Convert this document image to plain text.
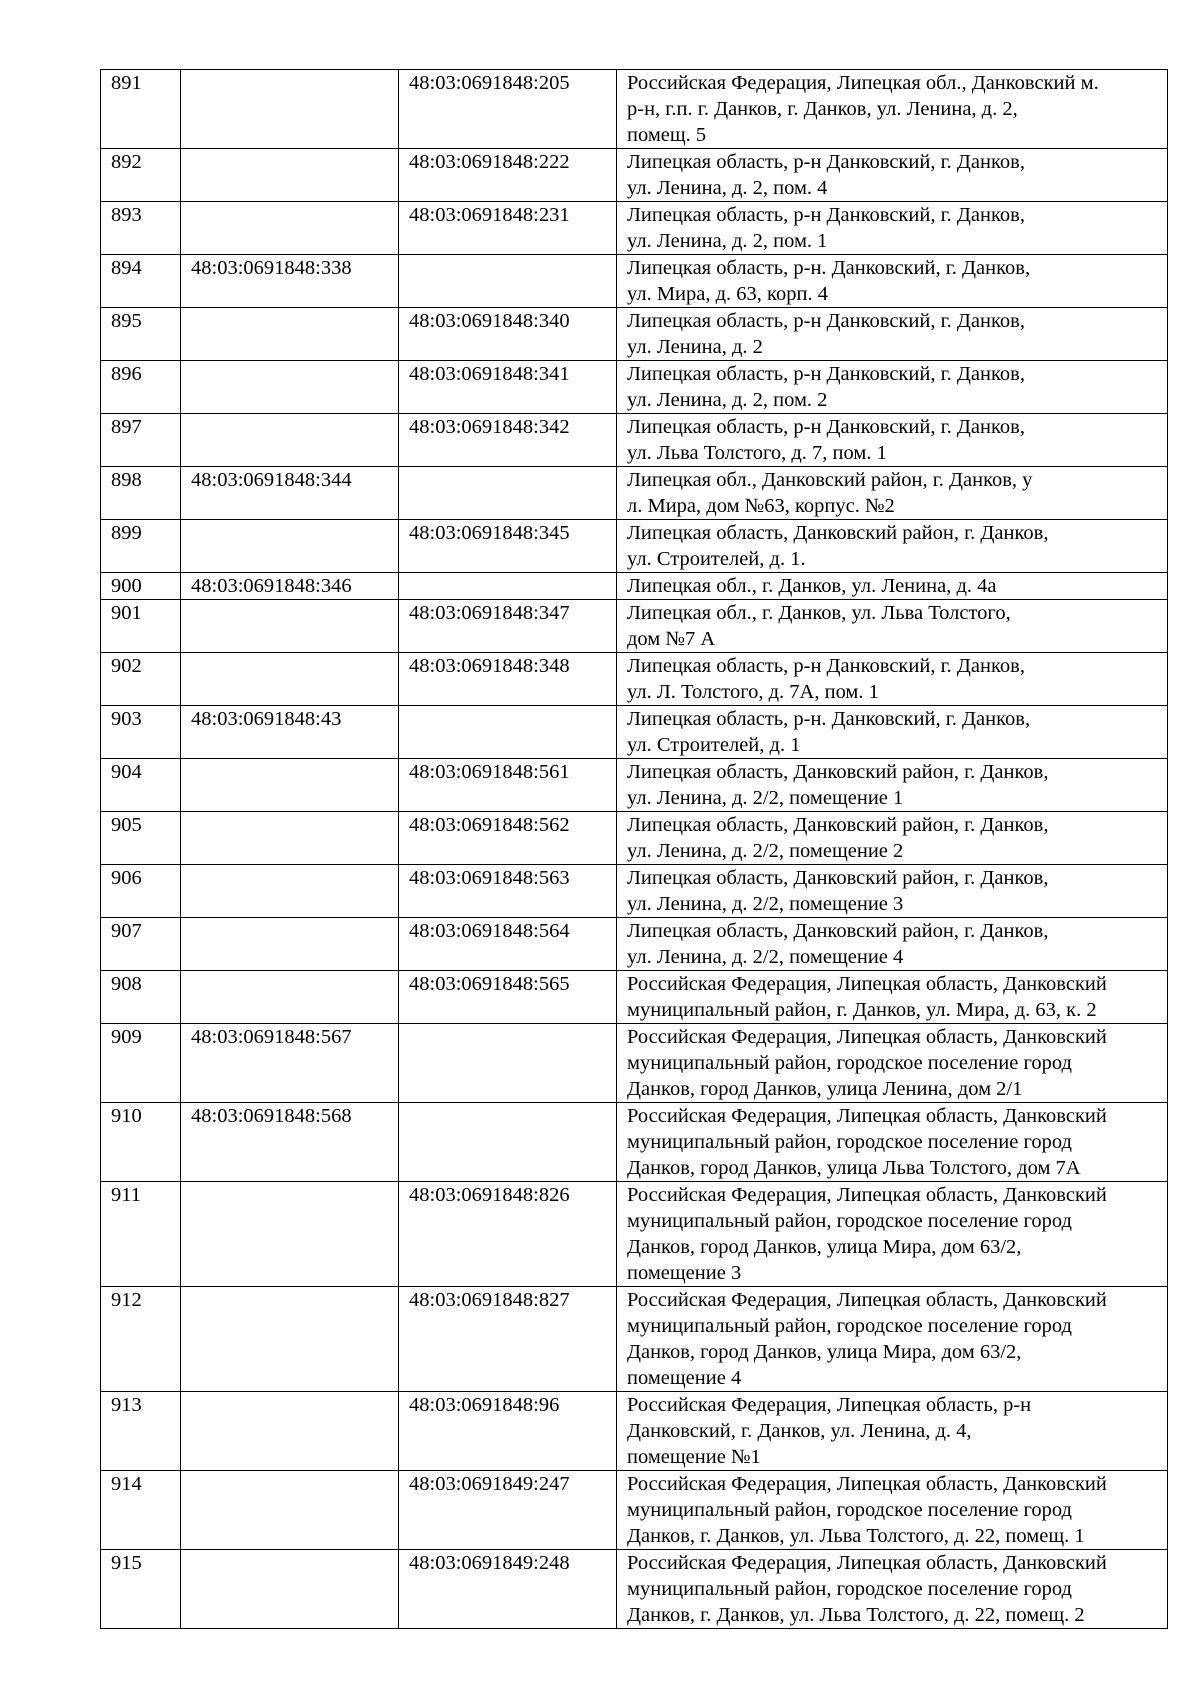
891		48:03:0691848:205	Российская Федерация, Липецкая обл., Данковский м.
р-н, г.п. г. Данков, г. Данков, ул. Ленина, д. 2,
помещ. 5
892		48:03:0691848:222	Липецкая область, р-н Данковский, г. Данков,
ул. Ленина, д. 2, пом. 4
893		48:03:0691848:231	Липецкая область, р-н Данковский, г. Данков,
ул. Ленина, д. 2, пом. 1
894	48:03:0691848:338		Липецкая область, р-н. Данковский, г. Данков,
ул. Мира, д. 63, корп. 4
895		48:03:0691848:340	Липецкая область, р-н Данковский, г. Данков,
ул. Ленина, д. 2
896		48:03:0691848:341	Липецкая область, р-н Данковский, г. Данков,
ул. Ленина, д. 2, пом. 2
897		48:03:0691848:342	Липецкая область, р-н Данковский, г. Данков,
ул. Льва Толстого, д. 7, пом. 1
898	48:03:0691848:344		Липецкая обл., Данковский район, г. Данков, у
л. Мира, дом №63, корпус. №2
899		48:03:0691848:345	Липецкая область, Данковский район, г. Данков,
ул. Строителей, д. 1.
900	48:03:0691848:346		Липецкая обл., г. Данков, ул. Ленина, д. 4а
901		48:03:0691848:347	Липецкая обл., г. Данков, ул. Льва Толстого,
дом №7 А
902		48:03:0691848:348	Липецкая область, р-н Данковский, г. Данков,
ул. Л. Толстого, д. 7А, пом. 1
903	48:03:0691848:43		Липецкая область, р-н. Данковский, г. Данков,
ул. Строителей, д. 1
904		48:03:0691848:561	Липецкая область, Данковский район, г. Данков,
ул. Ленина, д. 2/2, помещение 1
905		48:03:0691848:562	Липецкая область, Данковский район, г. Данков,
ул. Ленина, д. 2/2, помещение 2
906		48:03:0691848:563	Липецкая область, Данковский район, г. Данков,
ул. Ленина, д. 2/2, помещение 3
907		48:03:0691848:564	Липецкая область, Данковский район, г. Данков,
ул. Ленина, д. 2/2, помещение 4
908		48:03:0691848:565	Российская Федерация, Липецкая область, Данковский
муниципальный район, г. Данков, ул. Мира, д. 63, к. 2
909	48:03:0691848:567		Российская Федерация, Липецкая область, Данковский
муниципальный район, городское поселение город
Данков, город Данков, улица Ленина, дом 2/1
910	48:03:0691848:568		Российская Федерация, Липецкая область, Данковский
муниципальный район, городское поселение город
Данков, город Данков, улица Льва Толстого, дом 7А
911		48:03:0691848:826	Российская Федерация, Липецкая область, Данковский
муниципальный район, городское поселение город
Данков, город Данков, улица Мира, дом 63/2,
помещение 3
912		48:03:0691848:827	Российская Федерация, Липецкая область, Данковский
муниципальный район, городское поселение город
Данков, город Данков, улица Мира, дом 63/2,
помещение 4
913		48:03:0691848:96	Российская Федерация, Липецкая область, р-н
Данковский, г. Данков, ул. Ленина, д. 4,
помещение №1
914		48:03:0691849:247	Российская Федерация, Липецкая область, Данковский
муниципальный район, городское поселение город
Данков, г. Данков, ул. Льва Толстого, д. 22, помещ. 1
915		48:03:0691849:248	Российская Федерация, Липецкая область, Данковский
муниципальный район, городское поселение город
Данков, г. Данков, ул. Льва Толстого, д. 22, помещ. 2
